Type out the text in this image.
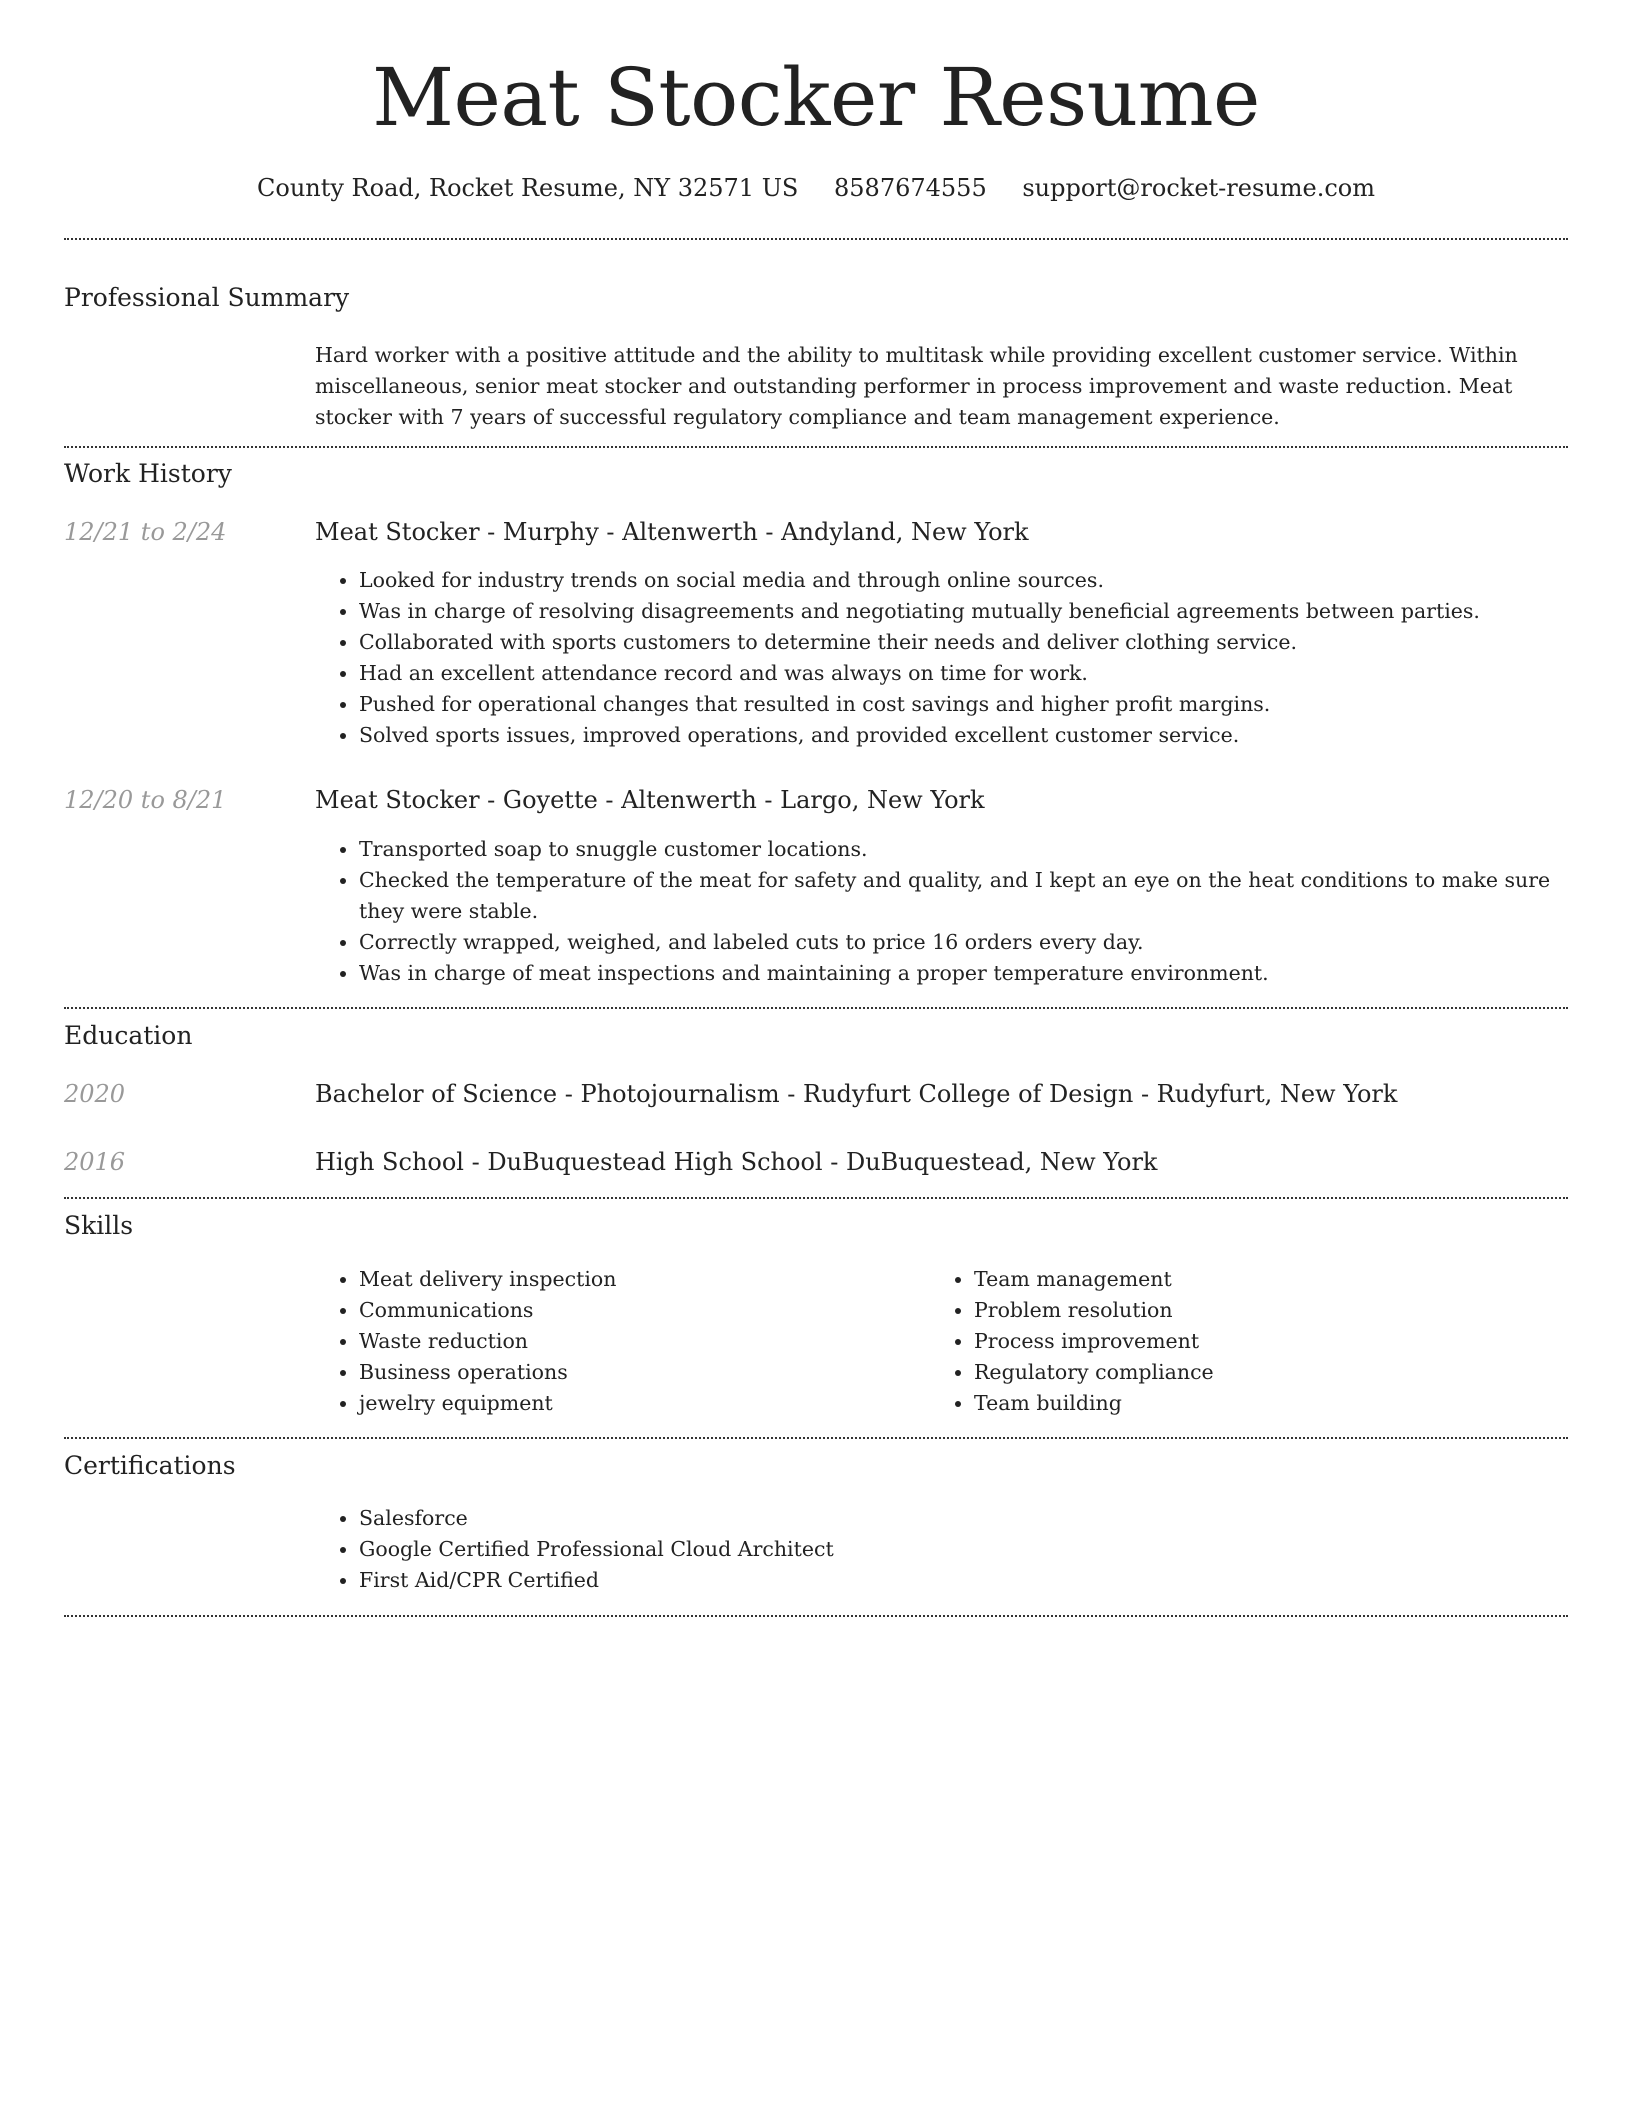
Meat Stocker Resume
County Road, Rocket Resume, NY 32571 US 8587674555 support@rocket-resume.com
Professional Summary
Hard worker with a positive attitude and the ability to multitask while providing excellent customer service. Within miscellaneous, senior meat stocker and outstanding performer in process improvement and waste reduction. Meat stocker with 7 years of successful regulatory compliance and team management experience.
Work History
12/21 to 2/24	Meat Stocker - Murphy - Altenwerth - Andyland, New York
• Looked for industry trends on social media and through online sources.
• Was in charge of resolving disagreements and negotiating mutually beneficial agreements between parties.
• Collaborated with sports customers to determine their needs and deliver clothing service.
• Had an excellent attendance record and was always on time for work.
• Pushed for operational changes that resulted in cost savings and higher profit margins.
• Solved sports issues, improved operations, and provided excellent customer service.
12/20 to 8/21	Meat Stocker - Goyette - Altenwerth - Largo, New York
• Transported soap to snuggle customer locations.
• Checked the temperature of the meat for safety and quality, and I kept an eye on the heat conditions to make sure they were stable.
• Correctly wrapped, weighed, and labeled cuts to price 16 orders every day.
• Was in charge of meat inspections and maintaining a proper temperature environment.
Education
2020	Bachelor of Science - Photojournalism - Rudyfurt College of Design - Rudyfurt, New York
2016	High School - DuBuquestead High School - DuBuquestead, New York
Skills
• Meat delivery inspection
• Communications
• Waste reduction
• Business operations
• jewelry equipment
• Team management
• Problem resolution
• Process improvement
• Regulatory compliance
• Team building
Certifications
• Salesforce
• Google Certified Professional Cloud Architect
• First Aid/CPR Certified
